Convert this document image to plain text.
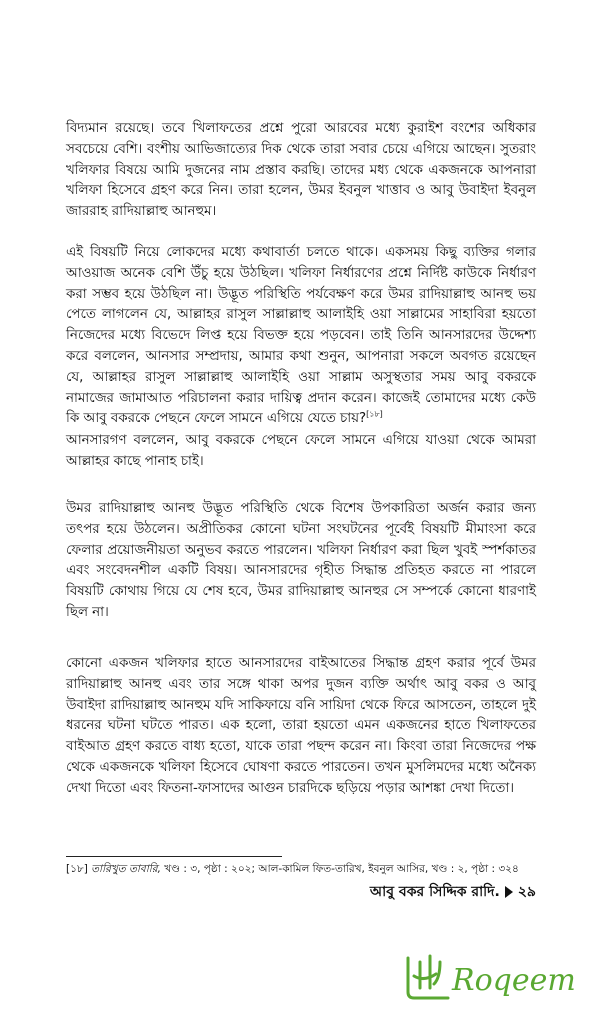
বিদ্যমান রয়েছে। তবে খিলাফতের প্রশ্নে পুরো আরবের মধ্যে কুরাইশ বংশের অধিকার সবচেয়ে বেশি। বংশীয় আভিজাত্যের দিক থেকে তারা সবার চেয়ে এগিয়ে আছেন। সুতরাং খলিফার বিষয়ে আমি দুজনের নাম প্রস্তাব করছি। তাদের মধ্য থেকে একজনকে আপনারা খলিফা হিসেবে গ্রহণ করে নিন। তারা হলেন, উমর ইবনুল খাত্তাব ও আবু উবাইদা ইবনুল জাররাহ রাদিয়াল্লাহু আনহুম।

এই বিষয়টি নিয়ে লোকদের মধ্যে কথাবার্তা চলতে থাকে। একসময় কিছু ব্যক্তির গলার আওয়াজ অনেক বেশি উঁচু হয়ে উঠছিল। খলিফা নির্ধারণের প্রশ্নে নির্দিষ্ট কাউকে নির্ধারণ করা সম্ভব হয়ে উঠছিল না। উদ্ভূত পরিস্থিতি পর্যবেক্ষণ করে উমর রাদিয়াল্লাহু আনহু ভয় পেতে লাগলেন যে, আল্লাহর রাসুল সাল্লাল্লাহু আলাইহি ওয়া সাল্লামের সাহাবিরা হয়তো নিজেদের মধ্যে বিভেদে লিপ্ত হয়ে বিভক্ত হয়ে পড়বেন। তাই তিনি আনসারদের উদ্দেশ্য করে বললেন, আনসার সম্প্রদায়, আমার কথা শুনুন, আপনারা সকলে অবগত রয়েছেন যে, আল্লাহর রাসুল সাল্লাল্লাহু আলাইহি ওয়া সাল্লাম অসুস্থতার সময় আবু বকরকে নামাজের জামাআত পরিচালনা করার দায়িত্ব প্রদান করেন। কাজেই তোমাদের মধ্যে কেউ কি আবু বকরকে পেছনে ফেলে সামনে এগিয়ে যেতে চায়?[১৮]

আনসারগণ বললেন, আবু বকরকে পেছনে ফেলে সামনে এগিয়ে যাওয়া থেকে আমরা আল্লাহর কাছে পানাহ চাই।

উমর রাদিয়াল্লাহু আনহু উদ্ভূত পরিস্থিতি থেকে বিশেষ উপকারিতা অর্জন করার জন্য তৎপর হয়ে উঠলেন। অপ্রীতিকর কোনো ঘটনা সংঘটনের পূর্বেই বিষয়টি মীমাংসা করে ফেলার প্রয়োজনীয়তা অনুভব করতে পারলেন। খলিফা নির্ধারণ করা ছিল খুবই স্পর্শকাতর এবং সংবেদনশীল একটি বিষয়। আনসারদের গৃহীত সিদ্ধান্ত প্রতিহত করতে না পারলে বিষয়টি কোথায় গিয়ে যে শেষ হবে, উমর রাদিয়াল্লাহু আনহুর সে সম্পর্কে কোনো ধারণাই ছিল না।

কোনো একজন খলিফার হাতে আনসারদের বাইআতের সিদ্ধান্ত গ্রহণ করার পূর্বে উমর রাদিয়াল্লাহু আনহু এবং তার সঙ্গে থাকা অপর দুজন ব্যক্তি অর্থাৎ আবু বকর ও আবু উবাইদা রাদিয়াল্লাহু আনহুম যদি সাকিফায়ে বনি সায়িদা থেকে ফিরে আসতেন, তাহলে দুই ধরনের ঘটনা ঘটতে পারত। এক হলো, তারা হয়তো এমন একজনের হাতে খিলাফতের বাইআত গ্রহণ করতে বাধ্য হতো, যাকে তারা পছন্দ করেন না। কিংবা তারা নিজেদের পক্ষ থেকে একজনকে খলিফা হিসেবে ঘোষণা করতে পারতেন। তখন মুসলিমদের মধ্যে অনৈক্য দেখা দিতো এবং ফিতনা-ফাসাদের আগুন চারদিকে ছড়িয়ে পড়ার আশঙ্কা দেখা দিতো।

[১৮] তারিখুত তাবারি, খণ্ড : ৩, পৃষ্ঠা : ২০২; আল-কামিল ফিত-তারিখ, ইবনুল আসির, খণ্ড : ২, পৃষ্ঠা : ৩২৪

আবু বকর সিদ্দিক রাদি. ২৯
Roqeem
